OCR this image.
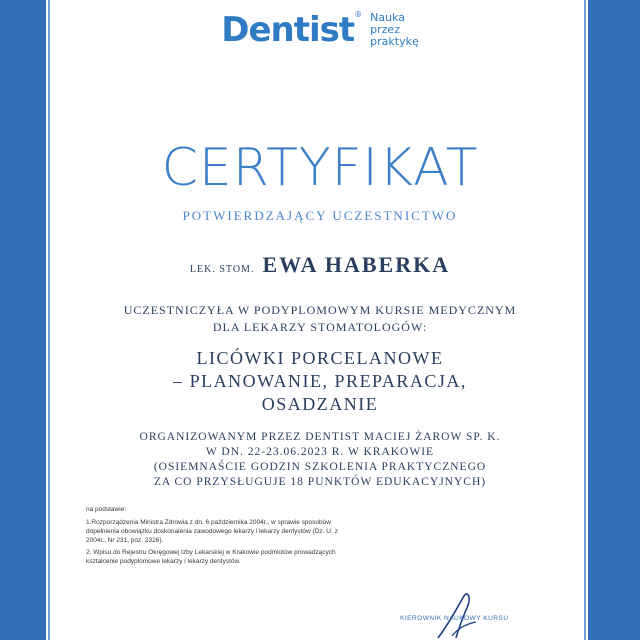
Dentist® Nauka
przez
praktykę
CERTYFIKAT
POTWIERDZAJĄCY UCZESTNICTWO
LEK. STOM. EWA HABERKA
UCZESTNICZYŁA W PODYPLOMOWYM KURSIE MEDYCZNYM
DLA LEKARZY STOMATOLOGÓW:
LICÓWKI PORCELANOWE
– PLANOWANIE, PREPARACJA,
OSADZANIE
ORGANIZOWANYM PRZEZ DENTIST MACIEJ ŻAROW SP. K.
W DN. 22-23.06.2023 R. W KRAKOWIE
(OSIEMNAŚCIE GODZIN SZKOLENIA PRAKTYCZNEGO
ZA CO PRZYSŁUGUJE 18 PUNKTÓW EDUKACYJNYCH)
na podstawie:
1.Rozporządzenia Ministra Zdrowia z dn. 6 października 2004r., w sprawie sposobów dopełnienia obowiązku doskonalenia zawodowego lekarzy i lekarzy dentystów (Dz. U. z 2004r., Nr 231, poz. 2326).
2. Wpisu do Rejestru Okręgowej Izby Lekarskiej w Krakowie podmiotów prowadzących kształcenie podyplomowe lekarzy i lekarzy dentystów.
KIEROWNIK NAUKOWY KURSU
